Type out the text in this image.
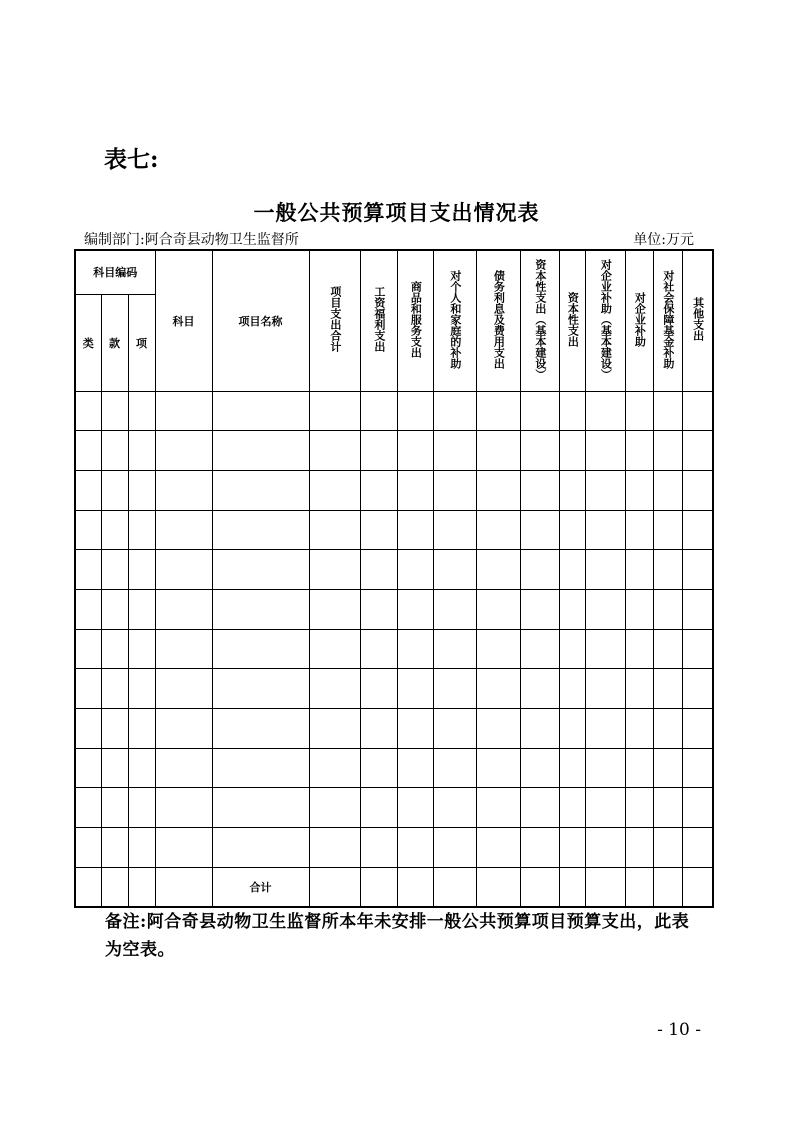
表七:
一般公共预算项目支出情况表
编制部门:阿合奇县动物卫生监督所	单位:万元
科目编码			科目	项目名称	项目支出合计	工资福利支出	商品和服务支出	对个人和家庭的补助	债务利息及费用支出	资本性支出（基本建设）	资本性支出	对企业补助（基本建设）	对企业补助	对社会保障基金补助	其他支出
类	款	项													

				合计											
备注:阿合奇县动物卫生监督所本年未安排一般公共预算项目预算支出，此表为空表。
- 10 -
